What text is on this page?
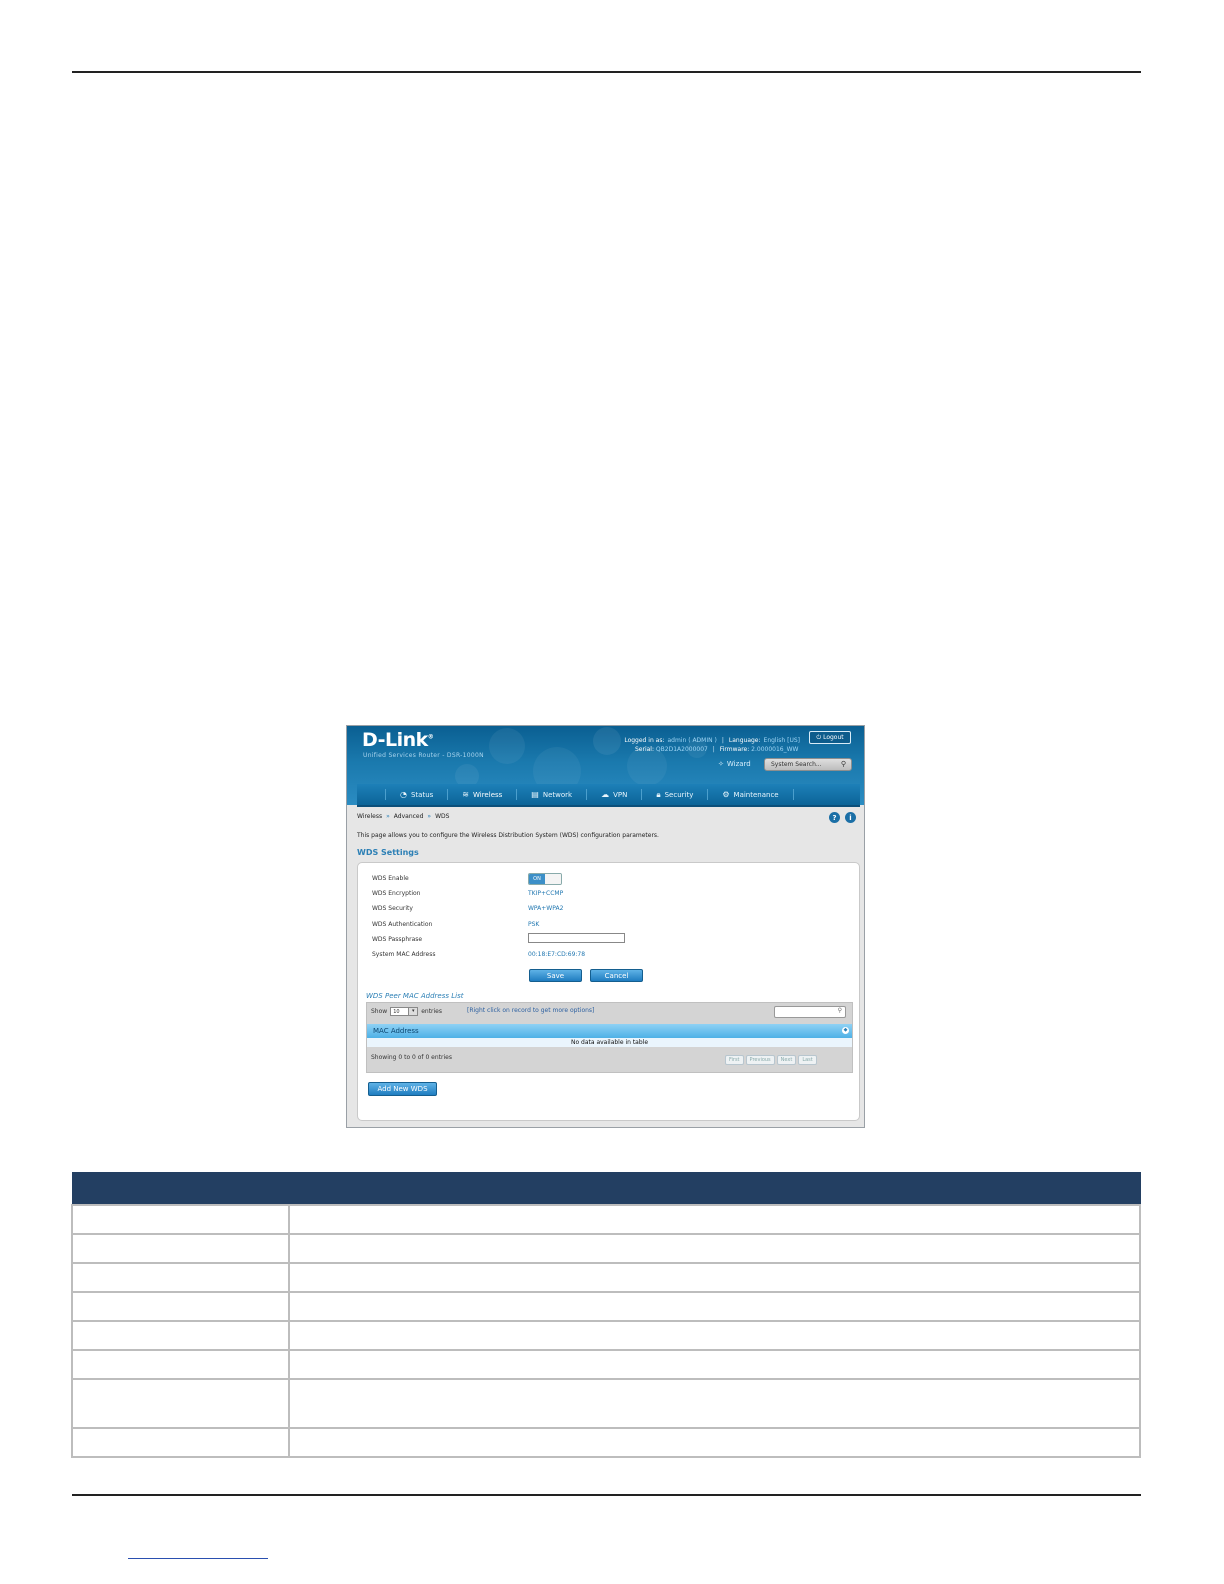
D-Link®
Unified Services Router - DSR-1000N
Logged in as: admin ( ADMIN ) | Language: English [US]	⏻ Logout
Serial: QB2D1A2000007 | Firmware: 2.0000016_WW
✧ Wizard	System Search...	⚲
◔ Status	≋ Wireless	▤ Network	☁ VPN	🔒︎ Security	⚙ Maintenance
Wireless » Advanced » WDS	?	i
This page allows you to configure the Wireless Distribution System (WDS) configuration parameters.
WDS Settings
WDS Enable	ON
WDS Encryption	TKIP+CCMP
WDS Security	WPA+WPA2
WDS Authentication	PSK
WDS Passphrase
System MAC Address	00:18:E7:CD:69:78
Save	Cancel
WDS Peer MAC Address List
Show	10	▾	entries	[Right click on record to get more options]	⚲
MAC Address	◆
No data available in table
Showing 0 to 0 of 0 entries	First	Previous	Next	Last
Add New WDS
